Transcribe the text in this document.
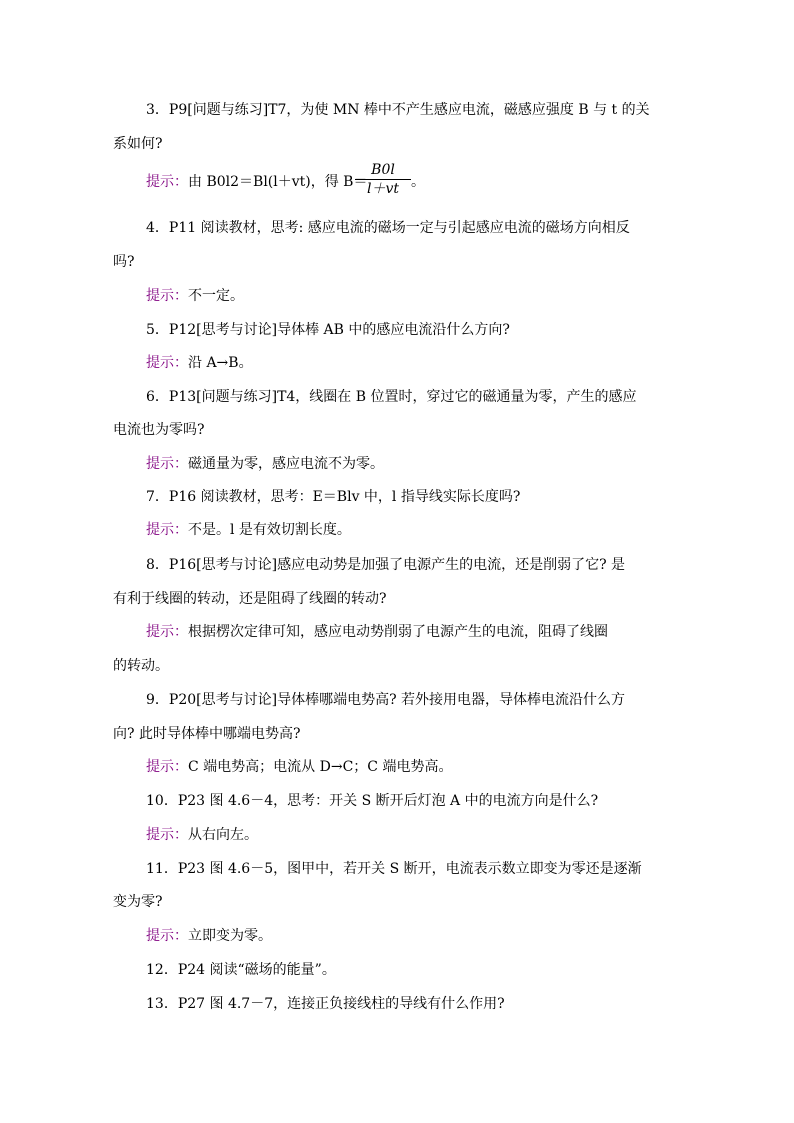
3．P9[问题与练习]T7，为使 MN 棒中不产生感应电流，磁感应强度 B 与 t 的关
系如何?
提示：由 B0l2＝Bl(l＋vt)，得 B＝
B0l
l＋vt 。
4．P11 阅读教材，思考: 感应电流的磁场一定与引起感应电流的磁场方向相反
吗?
提示：不一定。
5．P12[思考与讨论]导体棒 AB 中的感应电流沿什么方向?
提示：沿 A→B。
6．P13[问题与练习]T4，线圈在 B 位置时，穿过它的磁通量为零，产生的感应
电流也为零吗?
提示：磁通量为零，感应电流不为零。
7．P16 阅读教材，思考：E＝Blv 中，l 指导线实际长度吗?
提示：不是。l 是有效切割长度。
8．P16[思考与讨论]感应电动势是加强了电源产生的电流，还是削弱了它? 是
有利于线圈的转动，还是阻碍了线圈的转动?
提示：根据楞次定律可知，感应电动势削弱了电源产生的电流，阻碍了线圈
的转动。
9．P20[思考与讨论]导体棒哪端电势高? 若外接用电器，导体棒电流沿什么方
向? 此时导体棒中哪端电势高?
提示：C 端电势高；电流从 D→C；C 端电势高。
10．P23 图 4.6－4，思考：开关 S 断开后灯泡 A 中的电流方向是什么?
提示：从右向左。
11．P23 图 4.6－5，图甲中，若开关 S 断开，电流表示数立即变为零还是逐渐
变为零?
提示：立即变为零。
12．P24 阅读“磁场的能量”。
13．P27 图 4.7－7，连接正负接线柱的导线有什么作用?
